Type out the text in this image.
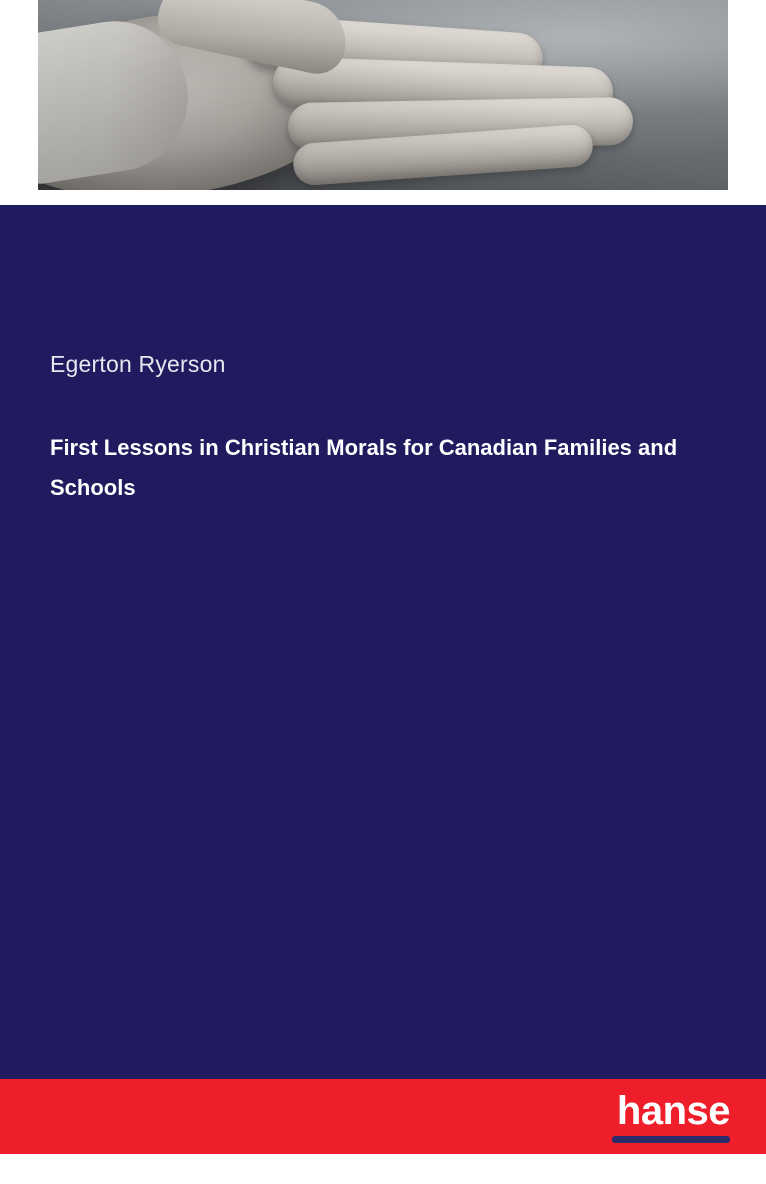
Egerton Ryerson
First Lessons in Christian Morals for Canadian Families and Schools
hanse
